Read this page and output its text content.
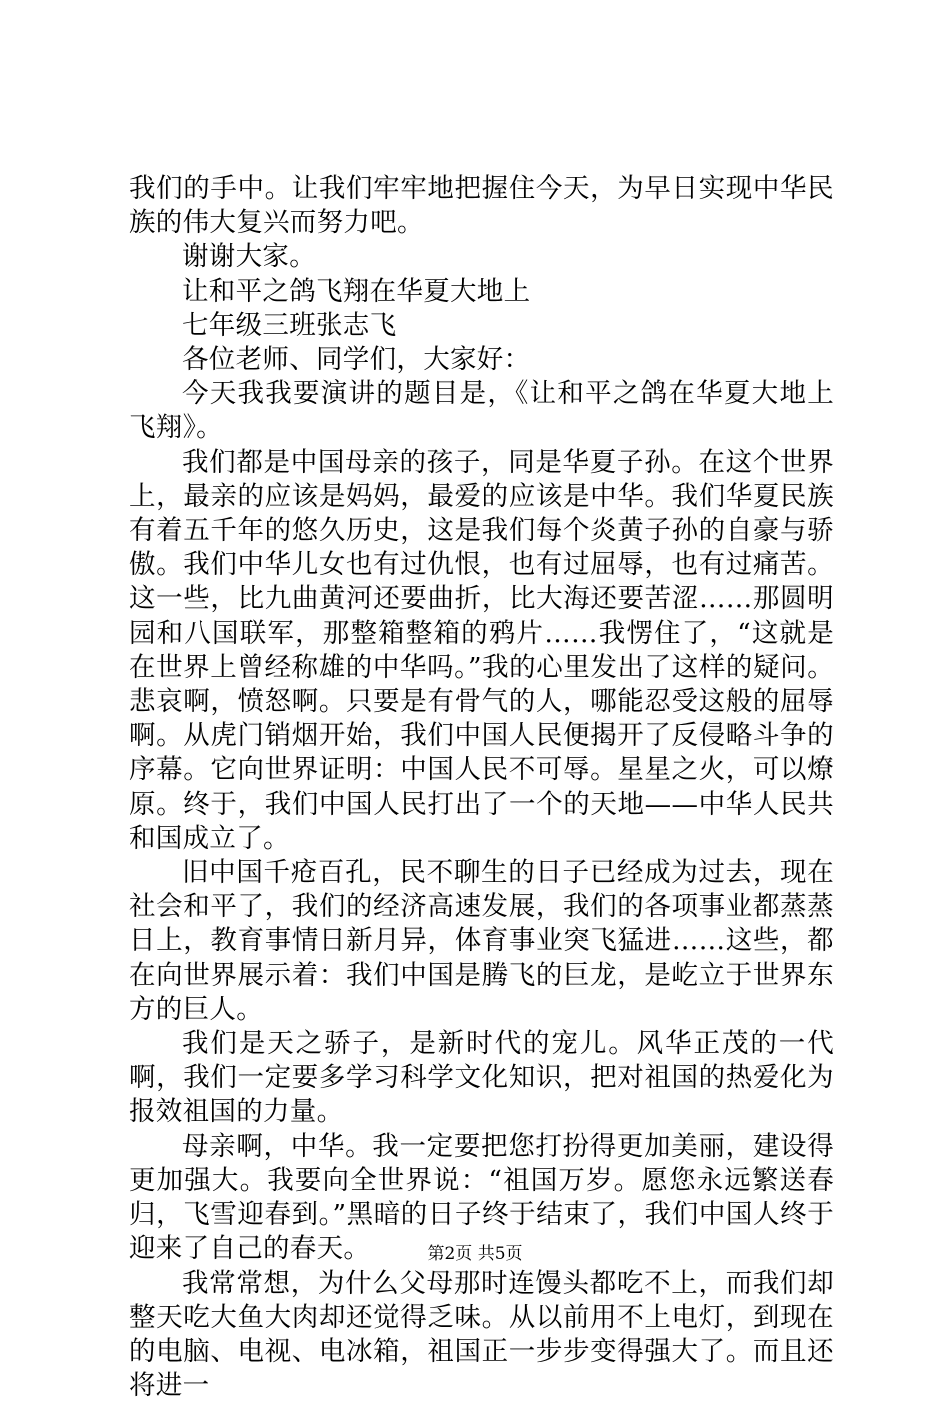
我们的手中。让我们牢牢地把握住今天，为早日实现中华民族的伟大复兴而努力吧。

谢谢大家。

让和平之鸽飞翔在华夏大地上

七年级三班张志飞

各位老师、同学们，大家好：

今天我我要演讲的题目是，《让和平之鸽在华夏大地上飞翔》。

我们都是中国母亲的孩子，同是华夏子孙。在这个世界上，最亲的应该是妈妈，最爱的应该是中华。我们华夏民族有着五千年的悠久历史，这是我们每个炎黄子孙的自豪与骄傲。我们中华儿女也有过仇恨，也有过屈辱，也有过痛苦。这一些，比九曲黄河还要曲折，比大海还要苦涩……那圆明园和八国联军，那整箱整箱的鸦片……我愣住了，“这就是在世界上曾经称雄的中华吗。”我的心里发出了这样的疑问。悲哀啊，愤怒啊。只要是有骨气的人，哪能忍受这般的屈辱啊。从虎门销烟开始，我们中国人民便揭开了反侵略斗争的序幕。它向世界证明：中国人民不可辱。星星之火，可以燎原。终于，我们中国人民打出了一个的天地——中华人民共和国成立了。

旧中国千疮百孔，民不聊生的日子已经成为过去，现在社会和平了，我们的经济高速发展，我们的各项事业都蒸蒸日上，教育事情日新月异，体育事业突飞猛进……这些，都在向世界展示着：我们中国是腾飞的巨龙，是屹立于世界东方的巨人。

我们是天之骄子，是新时代的宠儿。风华正茂的一代啊，我们一定要多学习科学文化知识，把对祖国的热爱化为报效祖国的力量。

母亲啊，中华。我一定要把您打扮得更加美丽，建设得更加强大。我要向全世界说：“祖国万岁。愿您永远繁送春归，飞雪迎春到。”黑暗的日子终于结束了，我们中国人终于迎来了自己的春天。

我常常想，为什么父母那时连馒头都吃不上，而我们却整天吃大鱼大肉却还觉得乏味。从以前用不上电灯，到现在的电脑、电视、电冰箱，祖国正一步步变得强大了。而且还将进一

第2页 共5页
